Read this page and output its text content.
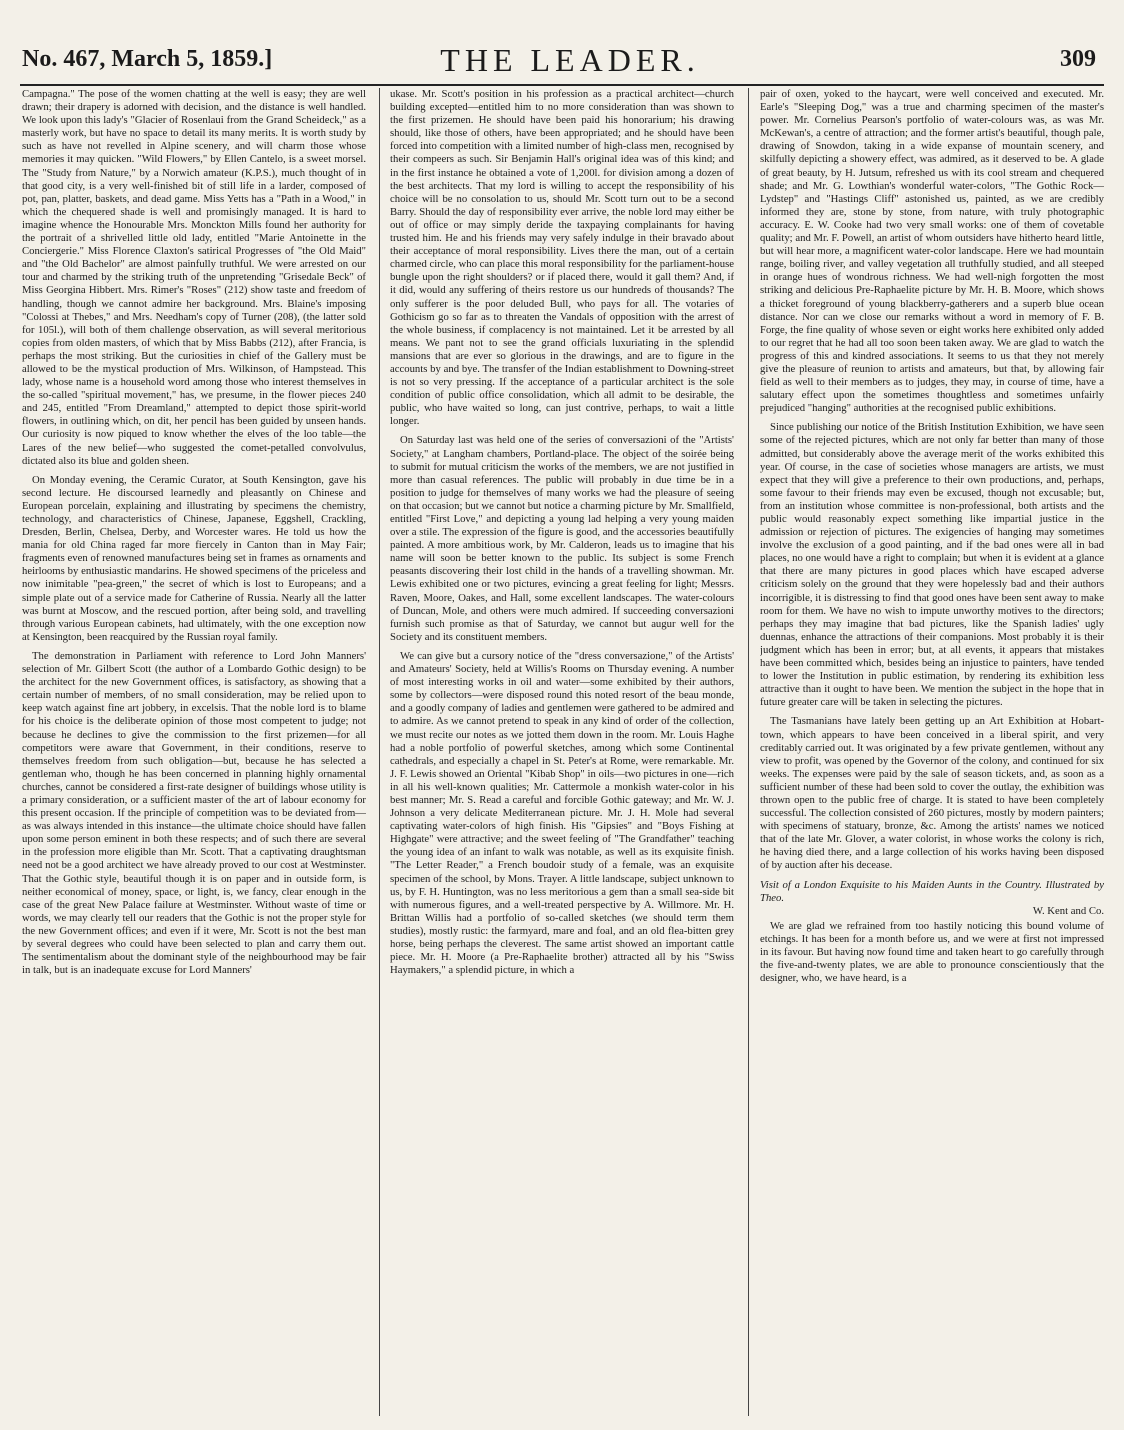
No. 467, March 5, 1859.]	THE LEADER.	309

Campagna." The pose of the women chatting at the well is easy; they are well drawn; their drapery is adorned with decision, and the distance is well handled. We look upon this lady's "Glacier of Rosenlaui from the Grand Scheideck," as a masterly work, but have no space to detail its many merits. It is worth study by such as have not revelled in Alpine scenery, and will charm those whose memories it may quicken. "Wild Flowers," by Ellen Cantelo, is a sweet morsel. The "Study from Nature," by a Norwich amateur (K.P.S.), much thought of in that good city, is a very well-finished bit of still life in a larder, composed of pot, pan, platter, baskets, and dead game. Miss Yetts has a "Path in a Wood," in which the chequered shade is well and promisingly managed. It is hard to imagine whence the Honourable Mrs. Monckton Mills found her authority for the portrait of a shrivelled little old lady, entitled "Marie Antoinette in the Conciergerie." Miss Florence Claxton's satirical Progresses of "the Old Maid" and "the Old Bachelor" are almost painfully truthful. We were arrested on our tour and charmed by the striking truth of the unpretending "Grisedale Beck" of Miss Georgina Hibbert. Mrs. Rimer's "Roses" (212) show taste and freedom of handling, though we cannot admire her background. Mrs. Blaine's imposing "Colossi at Thebes," and Mrs. Needham's copy of Turner (208), (the latter sold for 105l.), will both of them challenge observation, as will several meritorious copies from olden masters, of which that by Miss Babbs (212), after Francia, is perhaps the most striking. But the curiosities in chief of the Gallery must be allowed to be the mystical production of Mrs. Wilkinson, of Hampstead. This lady, whose name is a household word among those who interest themselves in the so-called "spiritual movement," has, we presume, in the flower pieces 240 and 245, entitled "From Dreamland," attempted to depict those spirit-world flowers, in outlining which, on dit, her pencil has been guided by unseen hands. Our curiosity is now piqued to know whether the elves of the loo table—the Lares of the new belief—who suggested the comet-petalled convolvulus, dictated also its blue and golden sheen.

On Monday evening, the Ceramic Curator, at South Kensington, gave his second lecture. He discoursed learnedly and pleasantly on Chinese and European porcelain, explaining and illustrating by specimens the chemistry, technology, and characteristics of Chinese, Japanese, Eggshell, Crackling, Dresden, Berlin, Chelsea, Derby, and Worcester wares. He told us how the mania for old China raged far more fiercely in Canton than in May Fair; fragments even of renowned manufactures being set in frames as ornaments and heirlooms by enthusiastic mandarins. He showed specimens of the priceless and now inimitable "pea-green," the secret of which is lost to Europeans; and a simple plate out of a service made for Catherine of Russia. Nearly all the latter was burnt at Moscow, and the rescued portion, after being sold, and travelling through various European cabinets, had ultimately, with the one exception now at Kensington, been reacquired by the Russian royal family.

The demonstration in Parliament with reference to Lord John Manners' selection of Mr. Gilbert Scott (the author of a Lombardo Gothic design) to be the architect for the new Government offices, is satisfactory, as showing that a certain number of members, of no small consideration, may be relied upon to keep watch against fine art jobbery, in excelsis. That the noble lord is to blame for his choice is the deliberate opinion of those most competent to judge; not because he declines to give the commission to the first prizemen—for all competitors were aware that Government, in their conditions, reserve to themselves freedom from such obligation—but, because he has selected a gentleman who, though he has been concerned in planning highly ornamental churches, cannot be considered a first-rate designer of buildings whose utility is a primary consideration, or a sufficient master of the art of labour economy for this present occasion. If the principle of competition was to be deviated from—as was always intended in this instance—the ultimate choice should have fallen upon some person eminent in both these respects; and of such there are several in the profession more eligible than Mr. Scott. That a captivating draughtsman need not be a good architect we have already proved to our cost at Westminster. That the Gothic style, beautiful though it is on paper and in outside form, is neither economical of money, space, or light, is, we fancy, clear enough in the case of the great New Palace failure at Westminster. Without waste of time or words, we may clearly tell our readers that the Gothic is not the proper style for the new Government offices; and even if it were, Mr. Scott is not the best man by several degrees who could have been selected to plan and carry them out. The sentimentalism about the dominant style of the neighbourhood may be fair in talk, but is an inadequate excuse for Lord Manners'

ukase. Mr. Scott's position in his profession as a practical architect—church building excepted—entitled him to no more consideration than was shown to the first prizemen. He should have been paid his honorarium; his drawing should, like those of others, have been appropriated; and he should have been forced into competition with a limited number of high-class men, recognised by their compeers as such. Sir Benjamin Hall's original idea was of this kind; and in the first instance he obtained a vote of 1,200l. for division among a dozen of the best architects. That my lord is willing to accept the responsibility of his choice will be no consolation to us, should Mr. Scott turn out to be a second Barry. Should the day of responsibility ever arrive, the noble lord may either be out of office or may simply deride the taxpaying complainants for having trusted him. He and his friends may very safely indulge in their bravado about their acceptance of moral responsibility. Lives there the man, out of a certain charmed circle, who can place this moral responsibility for the parliament-house bungle upon the right shoulders? or if placed there, would it gall them? And, if it did, would any suffering of theirs restore us our hundreds of thousands? The only sufferer is the poor deluded Bull, who pays for all. The votaries of Gothicism go so far as to threaten the Vandals of opposition with the arrest of the whole business, if complacency is not maintained. Let it be arrested by all means. We pant not to see the grand officials luxuriating in the splendid mansions that are ever so glorious in the drawings, and are to figure in the accounts by and bye. The transfer of the Indian establishment to Downing-street is not so very pressing. If the acceptance of a particular architect is the sole condition of public office consolidation, which all admit to be desirable, the public, who have waited so long, can just contrive, perhaps, to wait a little longer.

On Saturday last was held one of the series of conversazioni of the "Artists' Society," at Langham chambers, Portland-place. The object of the soirée being to submit for mutual criticism the works of the members, we are not justified in more than casual references. The public will probably in due time be in a position to judge for themselves of many works we had the pleasure of seeing on that occasion; but we cannot but notice a charming picture by Mr. Smallfield, entitled "First Love," and depicting a young lad helping a very young maiden over a stile. The expression of the figure is good, and the accessories beautifully painted. A more ambitious work, by Mr. Calderon, leads us to imagine that his name will soon be better known to the public. Its subject is some French peasants discovering their lost child in the hands of a travelling showman. Mr. Lewis exhibited one or two pictures, evincing a great feeling for light; Messrs. Raven, Moore, Oakes, and Hall, some excellent landscapes. The water-colours of Duncan, Mole, and others were much admired. If succeeding conversazioni furnish such promise as that of Saturday, we cannot but augur well for the Society and its constituent members.

We can give but a cursory notice of the "dress conversazione," of the Artists' and Amateurs' Society, held at Willis's Rooms on Thursday evening. A number of most interesting works in oil and water—some exhibited by their authors, some by collectors—were disposed round this noted resort of the beau monde, and a goodly company of ladies and gentlemen were gathered to be admired and to admire. As we cannot pretend to speak in any kind of order of the collection, we must recite our notes as we jotted them down in the room. Mr. Louis Haghe had a noble portfolio of powerful sketches, among which some Continental cathedrals, and especially a chapel in St. Peter's at Rome, were remarkable. Mr. J. F. Lewis showed an Oriental "Kibab Shop" in oils—two pictures in one—rich in all his well-known qualities; Mr. Cattermole a monkish water-color in his best manner; Mr. S. Read a careful and forcible Gothic gateway; and Mr. W. J. Johnson a very delicate Mediterranean picture. Mr. J. H. Mole had several captivating water-colors of high finish. His "Gipsies" and "Boys Fishing at Highgate" were attractive; and the sweet feeling of "The Grandfather" teaching the young idea of an infant to walk was notable, as well as its exquisite finish. "The Letter Reader," a French boudoir study of a female, was an exquisite specimen of the school, by Mons. Trayer. A little landscape, subject unknown to us, by F. H. Huntington, was no less meritorious a gem than a small sea-side bit with numerous figures, and a well-treated perspective by A. Willmore. Mr. H. Brittan Willis had a portfolio of so-called sketches (we should term them studies), mostly rustic: the farmyard, mare and foal, and an old flea-bitten grey horse, being perhaps the cleverest. The same artist showed an important cattle piece. Mr. H. Moore (a Pre-Raphaelite brother) attracted all by his "Swiss Haymakers," a splendid picture, in which a

pair of oxen, yoked to the haycart, were well conceived and executed. Mr. Earle's "Sleeping Dog," was a true and charming specimen of the master's power. Mr. Cornelius Pearson's portfolio of water-colours was, as was Mr. McKewan's, a centre of attraction; and the former artist's beautiful, though pale, drawing of Snowdon, taking in a wide expanse of mountain scenery, and skilfully depicting a showery effect, was admired, as it deserved to be. A glade of great beauty, by H. Jutsum, refreshed us with its cool stream and chequered shade; and Mr. G. Lowthian's wonderful water-colors, "The Gothic Rock—Lydstep" and "Hastings Cliff" astonished us, painted, as we are credibly informed they are, stone by stone, from nature, with truly photographic accuracy. E. W. Cooke had two very small works: one of them of covetable quality; and Mr. F. Powell, an artist of whom outsiders have hitherto heard little, but will hear more, a magnificent water-color landscape. Here we had mountain range, boiling river, and valley vegetation all truthfully studied, and all steeped in orange hues of wondrous richness. We had well-nigh forgotten the most striking and delicious Pre-Raphaelite picture by Mr. H. B. Moore, which shows a thicket foreground of young blackberry-gatherers and a superb blue ocean distance. Nor can we close our remarks without a word in memory of F. B. Forge, the fine quality of whose seven or eight works here exhibited only added to our regret that he had all too soon been taken away. We are glad to watch the progress of this and kindred associations. It seems to us that they not merely give the pleasure of reunion to artists and amateurs, but that, by allowing fair field as well to their members as to judges, they may, in course of time, have a salutary effect upon the sometimes thoughtless and sometimes unfairly prejudiced "hanging" authorities at the recognised public exhibitions.

Since publishing our notice of the British Institution Exhibition, we have seen some of the rejected pictures, which are not only far better than many of those admitted, but considerably above the average merit of the works exhibited this year. Of course, in the case of societies whose managers are artists, we must expect that they will give a preference to their own productions, and, perhaps, some favour to their friends may even be excused, though not excusable; but, from an institution whose committee is non-professional, both artists and the public would reasonably expect something like impartial justice in the admission or rejection of pictures. The exigencies of hanging may sometimes involve the exclusion of a good painting, and if the bad ones were all in bad places, no one would have a right to complain; but when it is evident at a glance that there are many pictures in good places which have escaped adverse criticism solely on the ground that they were hopelessly bad and their authors incorrigible, it is distressing to find that good ones have been sent away to make room for them. We have no wish to impute unworthy motives to the directors; perhaps they may imagine that bad pictures, like the Spanish ladies' ugly duennas, enhance the attractions of their companions. Most probably it is their judgment which has been in error; but, at all events, it appears that mistakes have been committed which, besides being an injustice to painters, have tended to lower the Institution in public estimation, by rendering its exhibition less attractive than it ought to have been. We mention the subject in the hope that in future greater care will be taken in selecting the pictures.

The Tasmanians have lately been getting up an Art Exhibition at Hobart-town, which appears to have been conceived in a liberal spirit, and very creditably carried out. It was originated by a few private gentlemen, without any view to profit, was opened by the Governor of the colony, and continued for six weeks. The expenses were paid by the sale of season tickets, and, as soon as a sufficient number of these had been sold to cover the outlay, the exhibition was thrown open to the public free of charge. It is stated to have been completely successful. The collection consisted of 260 pictures, mostly by modern painters; with specimens of statuary, bronze, &c. Among the artists' names we noticed that of the late Mr. Glover, a water colorist, in whose works the colony is rich, he having died there, and a large collection of his works having been disposed of by auction after his decease.

Visit of a London Exquisite to his Maiden Aunts in the Country. Illustrated by Theo.

W. Kent and Co.

We are glad we refrained from too hastily noticing this bound volume of etchings. It has been for a month before us, and we were at first not impressed in its favour. But having now found time and taken heart to go carefully through the five-and-twenty plates, we are able to pronounce conscientiously that the designer, who, we have heard, is a
